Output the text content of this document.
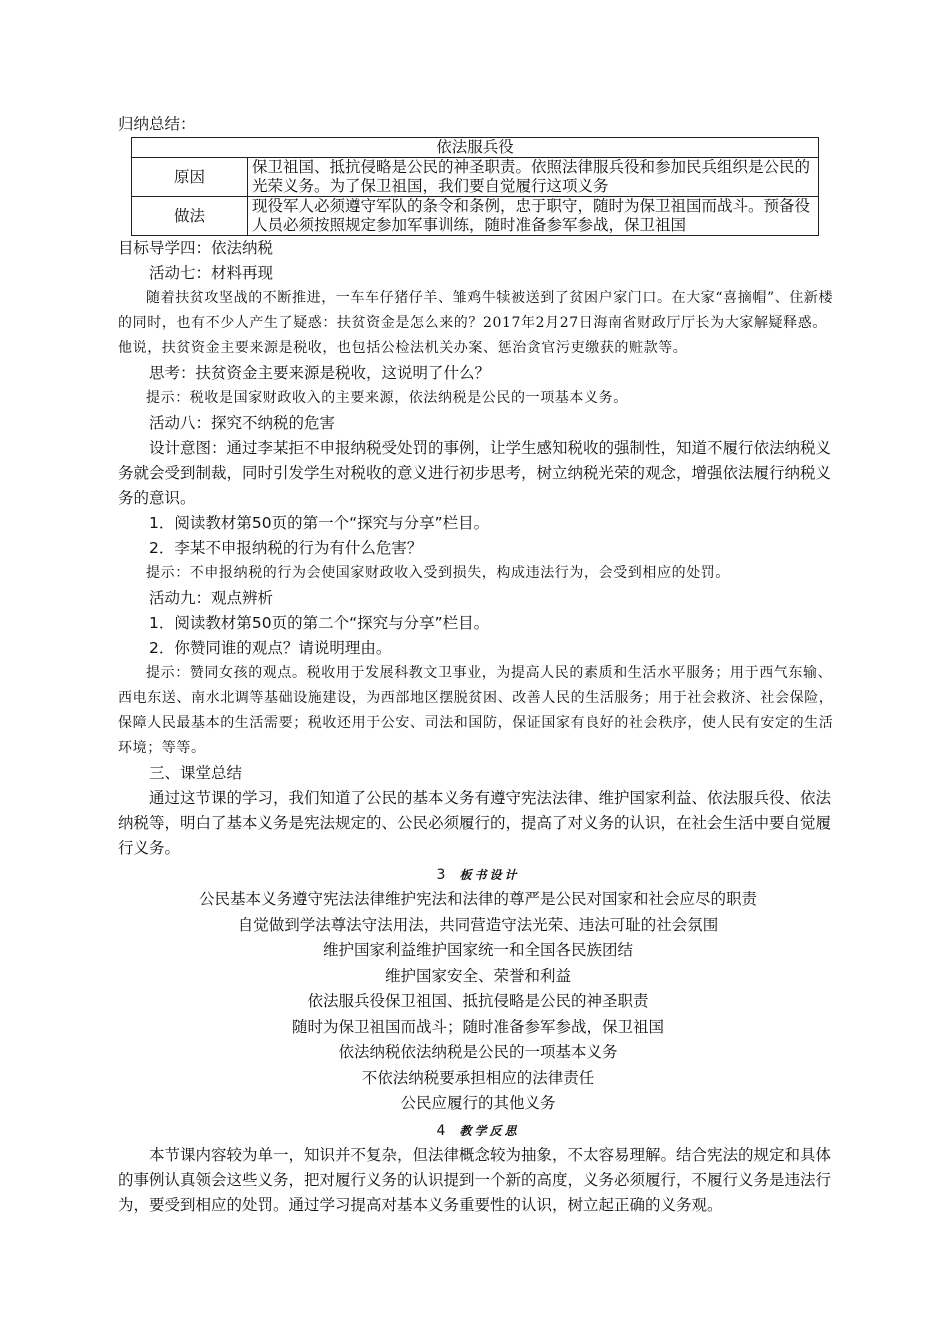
归纳总结：

依法服兵役	
原因	保卫祖国、抵抗侵略是公民的神圣职责。依照法律服兵役和参加民兵组织是公民的光荣义务。为了保卫祖国，我们要自觉履行这项义务
做法	现役军人必须遵守军队的条令和条例，忠于职守，随时为保卫祖国而战斗。预备役人员必须按照规定参加军事训练，随时准备参军参战，保卫祖国

目标导学四：依法纳税

活动七：材料再现

随着扶贫攻坚战的不断推进，一车车仔猪仔羊、雏鸡牛犊被送到了贫困户家门口。在大家“喜摘帽”、住新楼的同时，也有不少人产生了疑惑：扶贫资金是怎么来的？2017年2月27日海南省财政厅厅长为大家解疑释惑。他说，扶贫资金主要来源是税收，也包括公检法机关办案、惩治贪官污吏缴获的赃款等。

思考：扶贫资金主要来源是税收，这说明了什么？

提示：税收是国家财政收入的主要来源，依法纳税是公民的一项基本义务。

活动八：探究不纳税的危害

设计意图：通过李某拒不申报纳税受处罚的事例，让学生感知税收的强制性，知道不履行依法纳税义务就会受到制裁，同时引发学生对税收的意义进行初步思考，树立纳税光荣的观念，增强依法履行纳税义务的意识。

1．阅读教材第50页的第一个“探究与分享”栏目。

2．李某不申报纳税的行为有什么危害？

提示：不申报纳税的行为会使国家财政收入受到损失，构成违法行为，会受到相应的处罚。

活动九：观点辨析

1．阅读教材第50页的第二个“探究与分享”栏目。

2．你赞同谁的观点？请说明理由。

提示：赞同女孩的观点。税收用于发展科教文卫事业，为提高人民的素质和生活水平服务；用于西气东输、西电东送、南水北调等基础设施建设，为西部地区摆脱贫困、改善人民的生活服务；用于社会救济、社会保险，保障人民最基本的生活需要；税收还用于公安、司法和国防，保证国家有良好的社会秩序，使人民有安定的生活环境；等等。

三、课堂总结

通过这节课的学习，我们知道了公民的基本义务有遵守宪法法律、维护国家利益、依法服兵役、依法纳税等，明白了基本义务是宪法规定的、公民必须履行的，提高了对义务的认识，在社会生活中要自觉履行义务。

3 板书设计

公民基本义务遵守宪法法律维护宪法和法律的尊严是公民对国家和社会应尽的职责

自觉做到学法尊法守法用法，共同营造守法光荣、违法可耻的社会氛围

维护国家利益维护国家统一和全国各民族团结

维护国家安全、荣誉和利益

依法服兵役保卫祖国、抵抗侵略是公民的神圣职责

随时为保卫祖国而战斗；随时准备参军参战，保卫祖国

依法纳税依法纳税是公民的一项基本义务

不依法纳税要承担相应的法律责任

公民应履行的其他义务

4 教学反思

本节课内容较为单一，知识并不复杂，但法律概念较为抽象，不太容易理解。结合宪法的规定和具体的事例认真领会这些义务，把对履行义务的认识提到一个新的高度，义务必须履行，不履行义务是违法行为，要受到相应的处罚。通过学习提高对基本义务重要性的认识，树立起正确的义务观。
